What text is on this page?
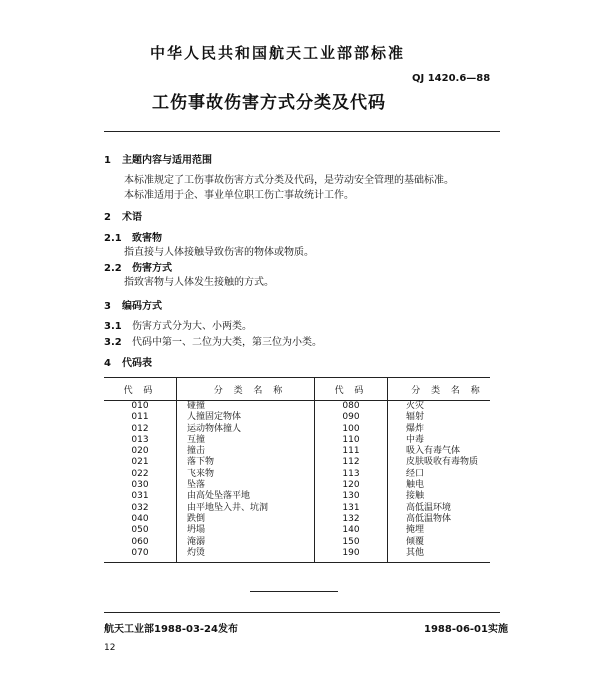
中华人民共和国航天工业部部标准
QJ 1420.6—88
工伤事故伤害方式分类及代码
1 主题内容与适用范围
本标准规定了工伤事故伤害方式分类及代码，是劳动安全管理的基础标准。
本标准适用于企、事业单位职工伤亡事故统计工作。
2 术语
2.1 致害物
指直接与人体接触导致伤害的物体或物质。
2.2 伤害方式
指致害物与人体发生接触的方式。
3 编码方式
3.1 伤害方式分为大、小两类。
3.2 代码中第一、二位为大类，第三位为小类。
4 代码表
代 码	分 类 名 称	代 码	分 类 名 称
010	碰撞	080	火灾
011	人撞固定物体	090	辐射
012	运动物体撞人	100	爆炸
013	互撞	110	中毒
020	撞击	111	吸入有毒气体
021	落下物	112	皮肤吸收有毒物质
022	飞来物	113	经口
030	坠落	120	触电
031	由高处坠落平地	130	接触
032	由平地坠入井、坑洞	131	高低温环境
040	跌倒	132	高低温物体
050	坍塌	140	掩埋
060	淹溺	150	倾覆
070	灼烫	190	其他
航天工业部1988-03-24发布	1988-06-01实施
12
